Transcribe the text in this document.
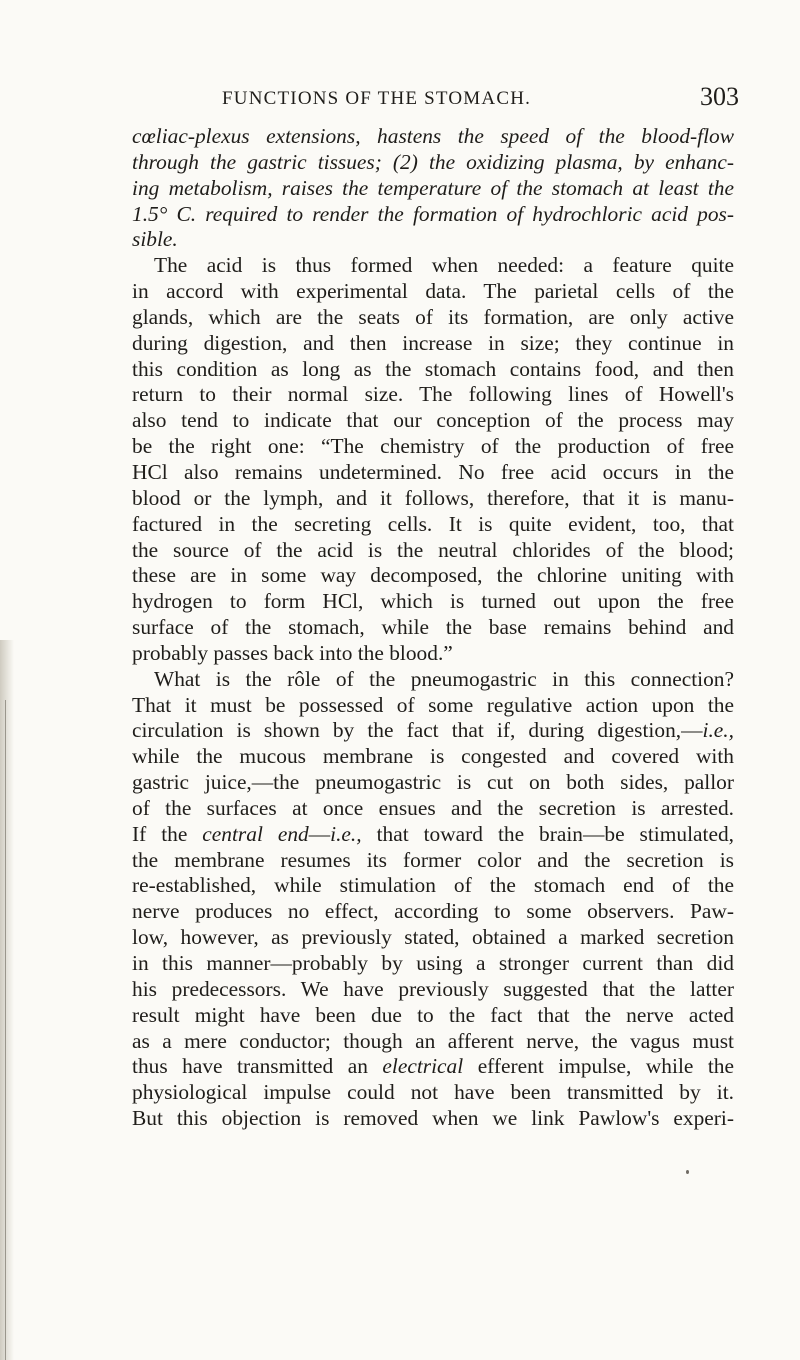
FUNCTIONS OF THE STOMACH.	303
cœliac-plexus extensions, hastens the speed of the blood-flow
through the gastric tissues; (2) the oxidizing plasma, by enhanc-
ing metabolism, raises the temperature of the stomach at least the
1.5° C. required to render the formation of hydrochloric acid pos-
sible.
The acid is thus formed when needed: a feature quite
in accord with experimental data. The parietal cells of the
glands, which are the seats of its formation, are only active
during digestion, and then increase in size; they continue in
this condition as long as the stomach contains food, and then
return to their normal size. The following lines of Howell's
also tend to indicate that our conception of the process may
be the right one: “The chemistry of the production of free
HCl also remains undetermined. No free acid occurs in the
blood or the lymph, and it follows, therefore, that it is manu-
factured in the secreting cells. It is quite evident, too, that
the source of the acid is the neutral chlorides of the blood;
these are in some way decomposed, the chlorine uniting with
hydrogen to form HCl, which is turned out upon the free
surface of the stomach, while the base remains behind and
probably passes back into the blood.”
What is the rôle of the pneumogastric in this connection?
That it must be possessed of some regulative action upon the
circulation is shown by the fact that if, during digestion,—i.e.,
while the mucous membrane is congested and covered with
gastric juice,—the pneumogastric is cut on both sides, pallor
of the surfaces at once ensues and the secretion is arrested.
If the central end—i.e., that toward the brain—be stimulated,
the membrane resumes its former color and the secretion is
re-established, while stimulation of the stomach end of the
nerve produces no effect, according to some observers. Paw-
low, however, as previously stated, obtained a marked secretion
in this manner—probably by using a stronger current than did
his predecessors. We have previously suggested that the latter
result might have been due to the fact that the nerve acted
as a mere conductor; though an afferent nerve, the vagus must
thus have transmitted an electrical efferent impulse, while the
physiological impulse could not have been transmitted by it.
But this objection is removed when we link Pawlow's experi-
